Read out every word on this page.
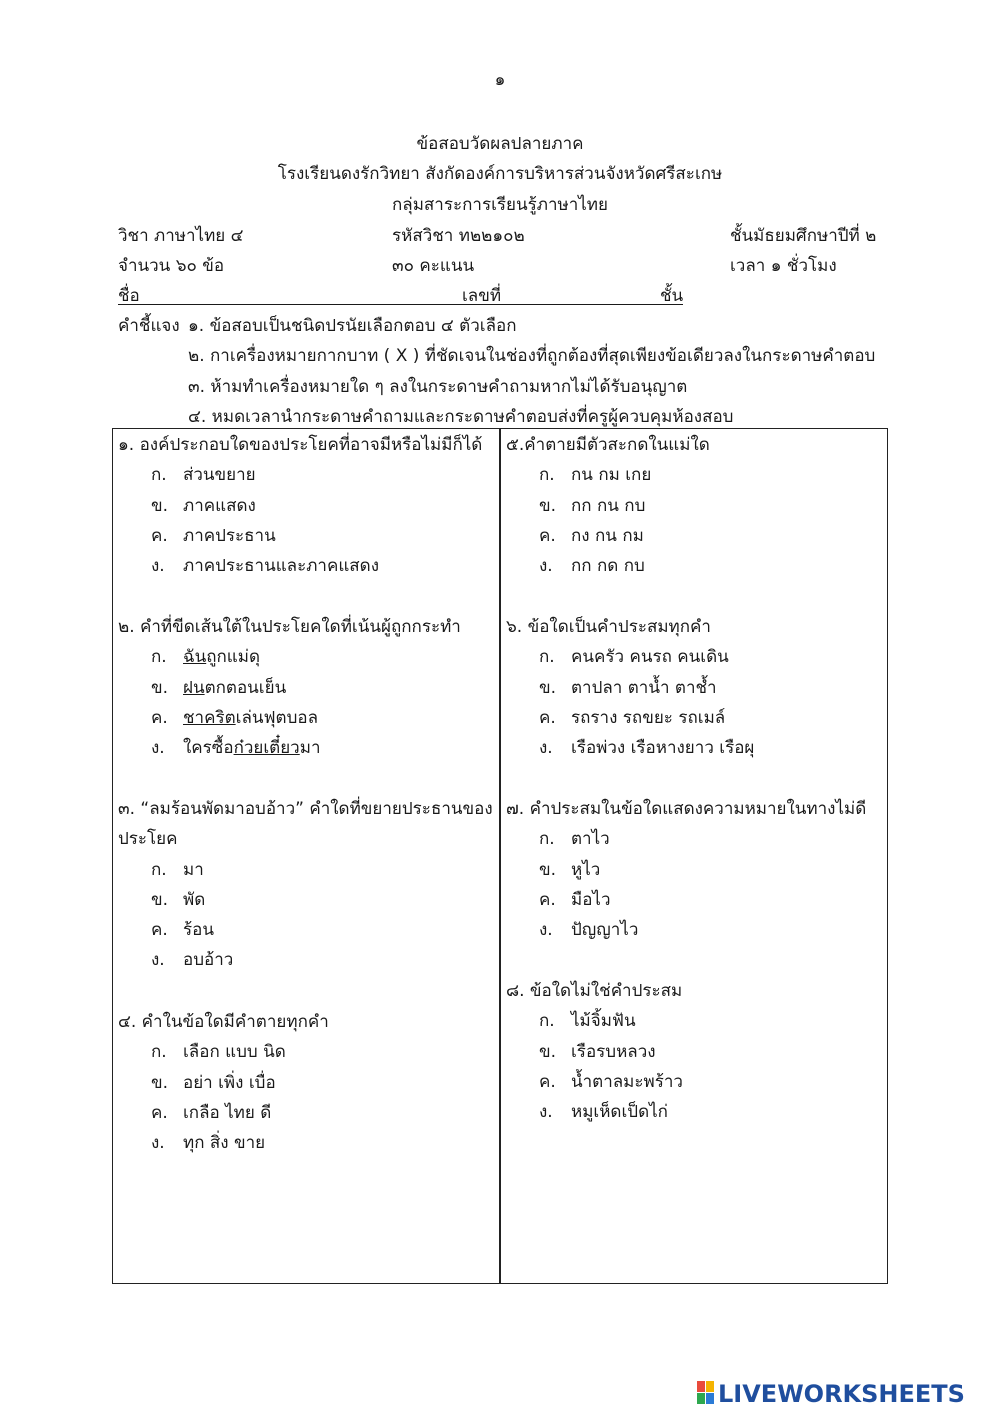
๑
ข้อสอบวัดผลปลายภาค
โรงเรียนดงรักวิทยา สังกัดองค์การบริหารส่วนจังหวัดศรีสะเกษ
กลุ่มสาระการเรียนรู้ภาษาไทย
วิชา ภาษาไทย ๔	รหัสวิชา ท๒๒๑๐๒	ชั้นมัธยมศึกษาปีที่ ๒
จำนวน ๖๐ ข้อ	๓๐ คะแนน	เวลา ๑ ชั่วโมง
ชื่อ	เลขที่	ชั้น
คำชี้แจง ๑. ข้อสอบเป็นชนิดปรนัยเลือกตอบ ๔ ตัวเลือก
๒. กาเครื่องหมายกากบาท ( X ) ที่ชัดเจนในช่องที่ถูกต้องที่สุดเพียงข้อเดียวลงในกระดาษคำตอบ
๓. ห้ามทำเครื่องหมายใด ๆ ลงในกระดาษคำถามหากไม่ได้รับอนุญาต
๔. หมดเวลานำกระดาษคำถามและกระดาษคำตอบส่งที่ครูผู้ควบคุมห้องสอบ
๑. องค์ประกอบใดของประโยคที่อาจมีหรือไม่มีก็ได้
ก. ส่วนขยาย
ข. ภาคแสดง
ค. ภาคประธาน
ง. ภาคประธานและภาคแสดง
๒. คำที่ขีดเส้นใต้ในประโยคใดที่เน้นผู้ถูกกระทำ
ก. ฉันถูกแม่ดุ
ข. ฝนตกตอนเย็น
ค. ชาคริตเล่นฟุตบอล
ง. ใครซื้อก๋วยเตี๋ยวมา
๓. “ลมร้อนพัดมาอบอ้าว” คำใดที่ขยายประธานของ
ประโยค
ก. มา
ข. พัด
ค. ร้อน
ง. อบอ้าว
๔. คำในข้อใดมีคำตายทุกคำ
ก. เลือก แบบ นิด
ข. อย่า เพิ่ง เบื่อ
ค. เกลือ ไทย ดี
ง. ทุก สิ่ง ขาย
๕.คำตายมีตัวสะกดในแม่ใด
ก. กน กม เกย
ข. กก กน กบ
ค. กง กน กม
ง. กก กด กบ
๖. ข้อใดเป็นคำประสมทุกคำ
ก. คนครัว คนรถ คนเดิน
ข. ตาปลา ตาน้ำ ตาช้ำ
ค. รถราง รถขยะ รถเมล์
ง. เรือพ่วง เรือหางยาว เรือผุ
๗. คำประสมในข้อใดแสดงความหมายในทางไม่ดี
ก. ตาไว
ข. หูไว
ค. มือไว
ง. ปัญญาไว
๘. ข้อใดไม่ใช่คำประสม
ก. ไม้จิ้มฟัน
ข. เรือรบหลวง
ค. น้ำตาลมะพร้าว
ง. หมูเห็ดเป็ดไก่
LIVEWORKSHEETS
